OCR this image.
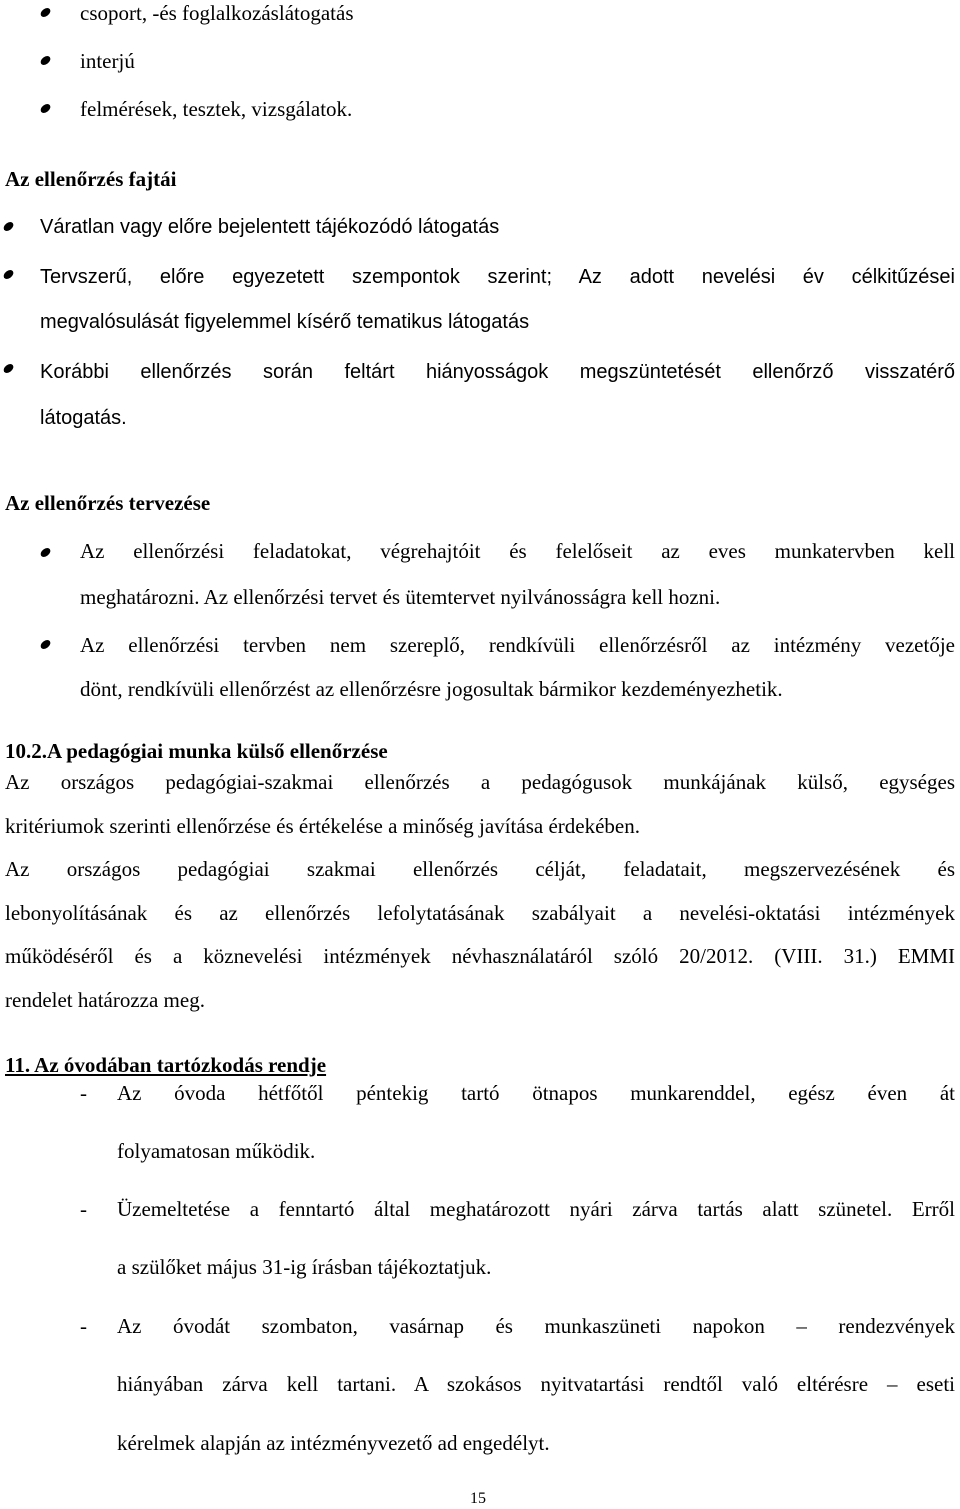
csoport, -és foglalkozáslátogatás
interjú
felmérések, tesztek, vizsgálatok.
Az ellenőrzés fajtái
Váratlan vagy előre bejelentett tájékozódó látogatás
Tervszerű, előre egyezetett szempontok szerint; Az adott nevelési év célkitűzései
megvalósulását figyelemmel kísérő tematikus látogatás
Korábbi ellenőrzés során feltárt hiányosságok megszüntetését ellenőrző visszatérő
látogatás.
Az ellenőrzés tervezése
Az ellenőrzési feladatokat, végrehajtóit és felelőseit az eves munkatervben kell
meghatározni. Az ellenőrzési tervet és ütemtervet nyilvánosságra kell hozni.
Az ellenőrzési tervben nem szereplő, rendkívüli ellenőrzésről az intézmény vezetője
dönt, rendkívüli ellenőrzést az ellenőrzésre jogosultak bármikor kezdeményezhetik.
10.2.A pedagógiai munka külső ellenőrzése
Az országos pedagógiai-szakmai ellenőrzés a pedagógusok munkájának külső, egységes
kritériumok szerinti ellenőrzése és értékelése a minőség javítása érdekében.
Az országos pedagógiai szakmai ellenőrzés célját, feladatait, megszervezésének és
lebonyolításának és az ellenőrzés lefolytatásának szabályait a nevelési-oktatási intézmények
működéséről és a köznevelési intézmények névhasználatáról szóló 20/2012. (VIII. 31.) EMMI
rendelet határozza meg.
11. Az óvodában tartózkodás rendje
- Az óvoda hétfőtől péntekig tartó ötnapos munkarenddel, egész éven át
folyamatosan működik.
- Üzemeltetése a fenntartó által meghatározott nyári zárva tartás alatt szünetel. Erről
a szülőket május 31-ig írásban tájékoztatjuk.
- Az óvodát szombaton, vasárnap és munkaszüneti napokon – rendezvények
hiányában zárva kell tartani. A szokásos nyitvatartási rendtől való eltérésre – eseti
kérelmek alapján az intézményvezető ad engedélyt.
15
